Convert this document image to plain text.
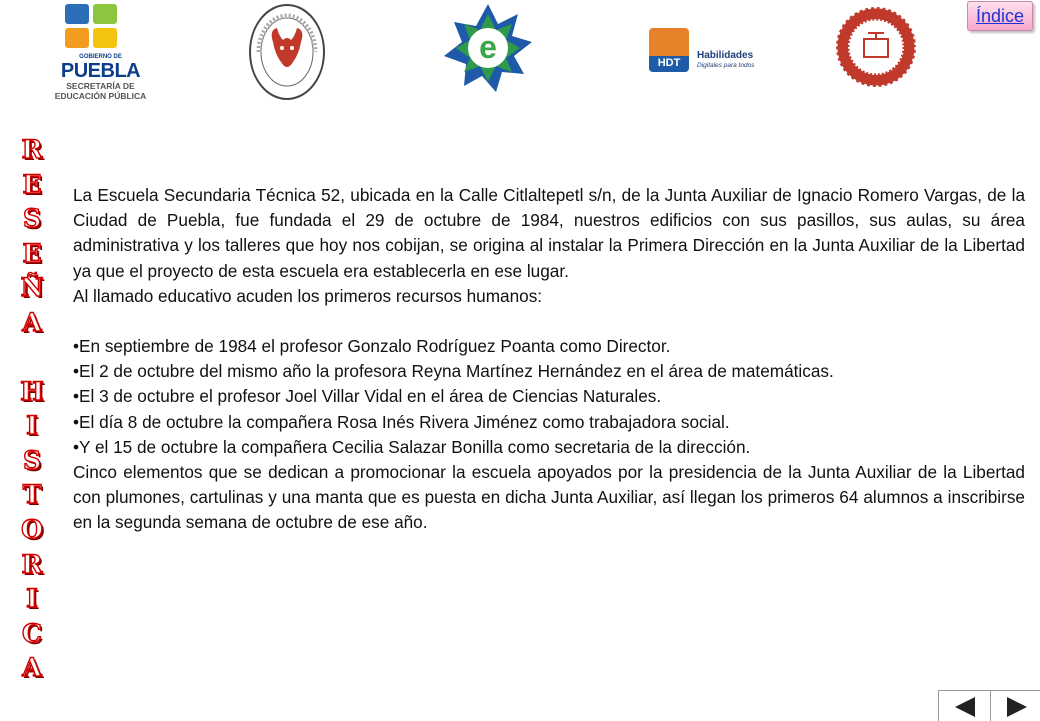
GOBIERNO DE
PUEBLA
SECRETARÍA DE
EDUCACIÓN PÚBLICA
e	HDT
Habilidades
Digitales para todos
Índice
R
E
S
E
Ñ
A
H
I
S
T
O
R
I
C
A

La Escuela Secundaria Técnica 52, ubicada en la Calle Citlaltepetl s/n, de la Junta Auxiliar de Ignacio Romero Vargas, de la Ciudad de Puebla, fue fundada el 29 de octubre de 1984, nuestros edificios con sus pasillos, sus aulas, su área administrativa y los talleres que hoy nos cobijan, se origina al instalar la Primera Dirección en la Junta Auxiliar de la Libertad ya que el proyecto de esta escuela era establecerla en ese lugar.

Al llamado educativo acuden los primeros recursos humanos:

•En septiembre de 1984 el profesor Gonzalo Rodríguez Poanta como Director.

•El 2 de octubre del mismo año la profesora Reyna Martínez Hernández en el área de matemáticas.

•El 3 de octubre el profesor Joel Villar Vidal en el área de Ciencias Naturales.

•El día 8 de octubre la compañera Rosa Inés Rivera Jiménez como trabajadora social.

•Y el 15 de octubre la compañera Cecilia Salazar Bonilla como secretaria de la dirección.

Cinco elementos que se dedican a promocionar la escuela apoyados por la presidencia de la Junta Auxiliar de la Libertad con plumones, cartulinas y una manta que es puesta en dicha Junta Auxiliar, así llegan los primeros 64 alumnos a inscribirse en la segunda semana de octubre de ese año.
